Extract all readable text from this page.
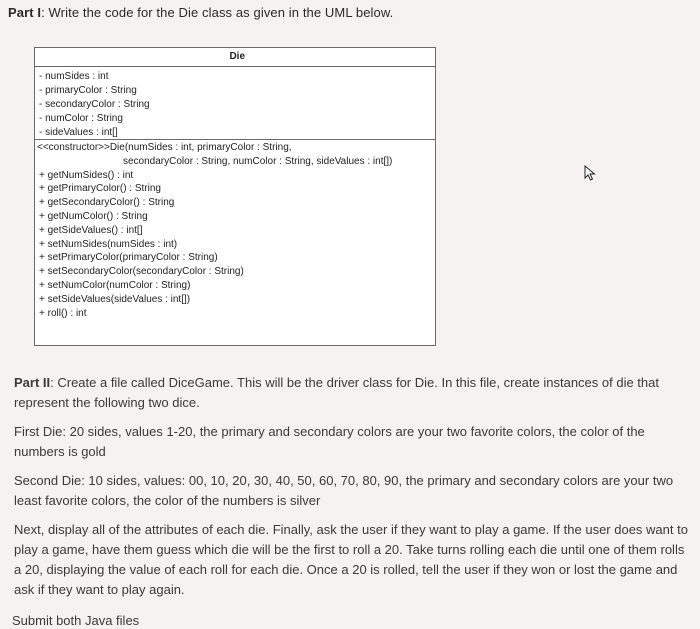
Part I: Write the code for the Die class as given in the UML below.
Die
- numSides : int
- primaryColor : String
- secondaryColor : String
- numColor : String
- sideValues : int[]
<<constructor>>Die(numSides : int, primaryColor : String,
secondaryColor : String, numColor : String, sideValues : int[])
+ getNumSides() : int
+ getPrimaryColor() : String
+ getSecondaryColor() : String
+ getNumColor() : String
+ getSideValues() : int[]
+ setNumSides(numSides : int)
+ setPrimaryColor(primaryColor : String)
+ setSecondaryColor(secondaryColor : String)
+ setNumColor(numColor : String)
+ setSideValues(sideValues : int[])
+ roll() : int

Part II: Create a file called DiceGame. This will be the driver class for Die. In this file, create instances of die that represent the following two dice.

First Die: 20 sides, values 1-20, the primary and secondary colors are your two favorite colors, the color of the numbers is gold

Second Die: 10 sides, values: 00, 10, 20, 30, 40, 50, 60, 70, 80, 90, the primary and secondary colors are your two least favorite colors, the color of the numbers is silver

Next, display all of the attributes of each die. Finally, ask the user if they want to play a game. If the user does want to play a game, have them guess which die will be the first to roll a 20. Take turns rolling each die until one of them rolls a 20, displaying the value of each roll for each die. Once a 20 is rolled, tell the user if they won or lost the game and ask if they want to play again.

Submit both Java files
